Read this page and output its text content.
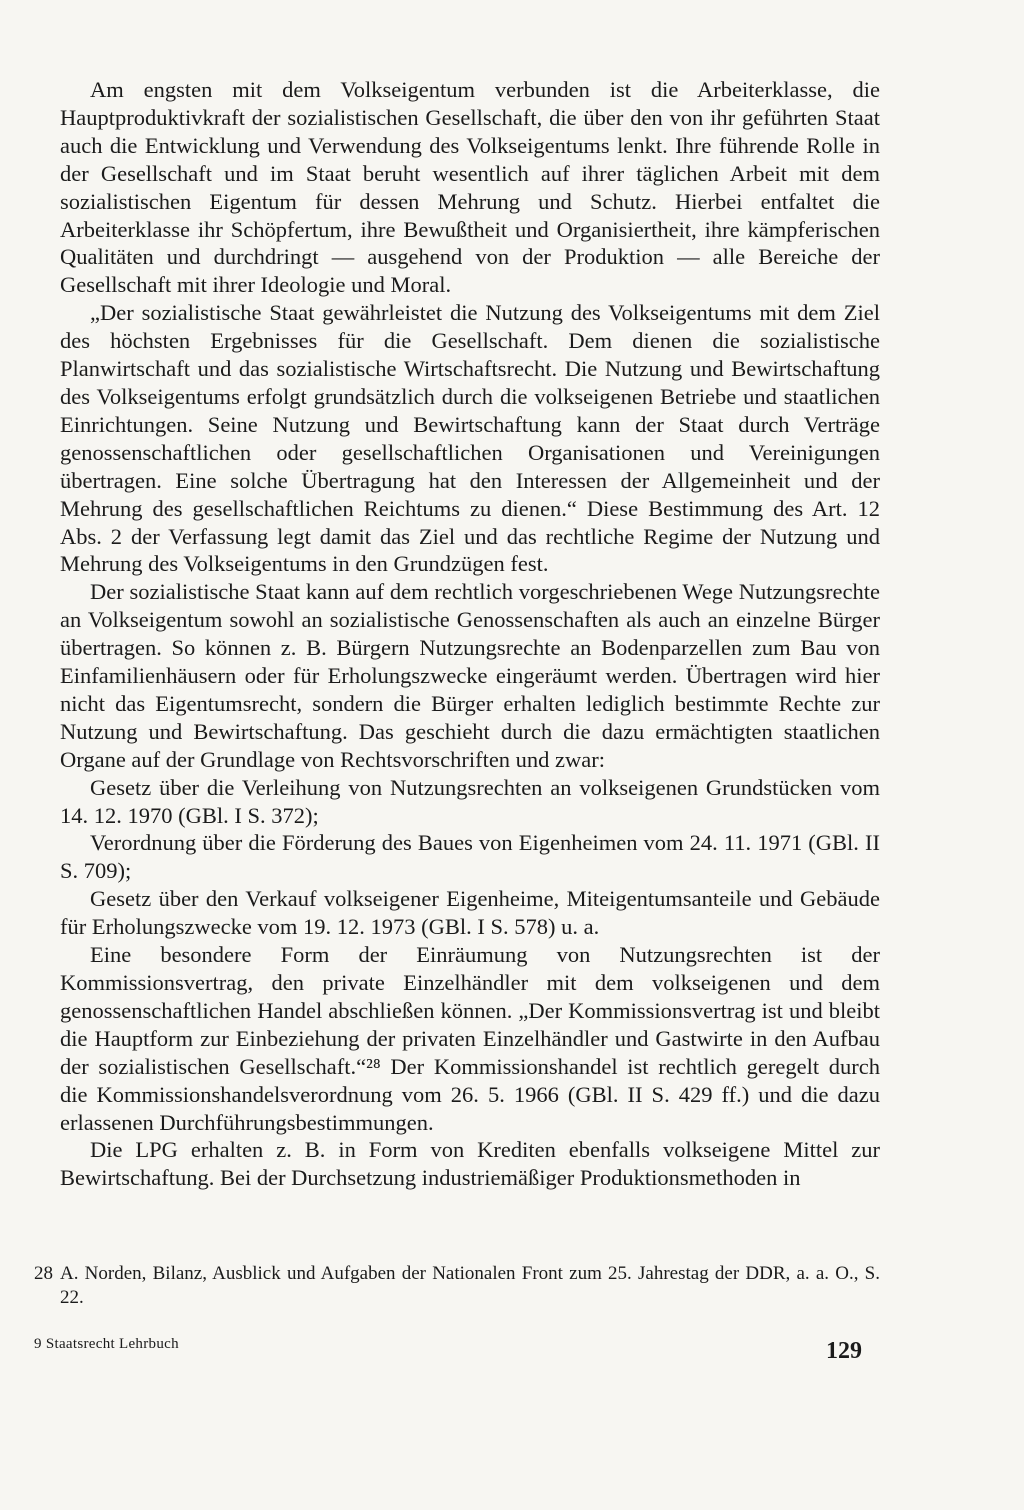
Am engsten mit dem Volkseigentum verbunden ist die Arbeiterklasse, die Hauptproduktivkraft der sozialistischen Gesellschaft, die über den von ihr geführten Staat auch die Entwicklung und Verwendung des Volkseigentums lenkt. Ihre führende Rolle in der Gesellschaft und im Staat beruht wesentlich auf ihrer täglichen Arbeit mit dem sozialistischen Eigentum für dessen Mehrung und Schutz. Hierbei entfaltet die Arbeiterklasse ihr Schöpfertum, ihre Bewußtheit und Organisiertheit, ihre kämpferischen Qualitäten und durchdringt — ausgehend von der Produktion — alle Bereiche der Gesellschaft mit ihrer Ideologie und Moral.

„Der sozialistische Staat gewährleistet die Nutzung des Volkseigentums mit dem Ziel des höchsten Ergebnisses für die Gesellschaft. Dem dienen die sozialistische Planwirtschaft und das sozialistische Wirtschaftsrecht. Die Nutzung und Bewirtschaftung des Volkseigentums erfolgt grundsätzlich durch die volkseigenen Betriebe und staatlichen Einrichtungen. Seine Nutzung und Bewirtschaftung kann der Staat durch Verträge genossenschaftlichen oder gesellschaftlichen Organisationen und Vereinigungen übertragen. Eine solche Übertragung hat den Interessen der Allgemeinheit und der Mehrung des gesellschaftlichen Reichtums zu dienen.“ Diese Bestimmung des Art. 12 Abs. 2 der Verfassung legt damit das Ziel und das rechtliche Regime der Nutzung und Mehrung des Volkseigentums in den Grundzügen fest.

Der sozialistische Staat kann auf dem rechtlich vorgeschriebenen Wege Nutzungsrechte an Volkseigentum sowohl an sozialistische Genossenschaften als auch an einzelne Bürger übertragen. So können z. B. Bürgern Nutzungsrechte an Bodenparzellen zum Bau von Einfamilienhäusern oder für Erholungszwecke eingeräumt werden. Übertragen wird hier nicht das Eigentumsrecht, sondern die Bürger erhalten lediglich bestimmte Rechte zur Nutzung und Bewirtschaftung. Das geschieht durch die dazu ermächtigten staatlichen Organe auf der Grundlage von Rechtsvorschriften und zwar:

Gesetz über die Verleihung von Nutzungsrechten an volkseigenen Grundstücken vom 14. 12. 1970 (GBl. I S. 372);

Verordnung über die Förderung des Baues von Eigenheimen vom 24. 11. 1971 (GBl. II S. 709);

Gesetz über den Verkauf volkseigener Eigenheime, Miteigentumsanteile und Gebäude für Erholungszwecke vom 19. 12. 1973 (GBl. I S. 578) u. a.

Eine besondere Form der Einräumung von Nutzungsrechten ist der Kommissionsvertrag, den private Einzelhändler mit dem volkseigenen und dem genossenschaftlichen Handel abschließen können. „Der Kommissionsvertrag ist und bleibt die Hauptform zur Einbeziehung der privaten Einzelhändler und Gastwirte in den Aufbau der sozialistischen Gesellschaft.“²⁸ Der Kommissionshandel ist rechtlich geregelt durch die Kommissionshandelsverordnung vom 26. 5. 1966 (GBl. II S. 429 ff.) und die dazu erlassenen Durchführungsbestimmungen.

Die LPG erhalten z. B. in Form von Krediten ebenfalls volkseigene Mittel zur Bewirtschaftung. Bei der Durchsetzung industriemäßiger Produktionsmethoden in

28 A. Norden, Bilanz, Ausblick und Aufgaben der Nationalen Front zum 25. Jahrestag der DDR, a. a. O., S. 22.
9 Staatsrecht Lehrbuch	129
